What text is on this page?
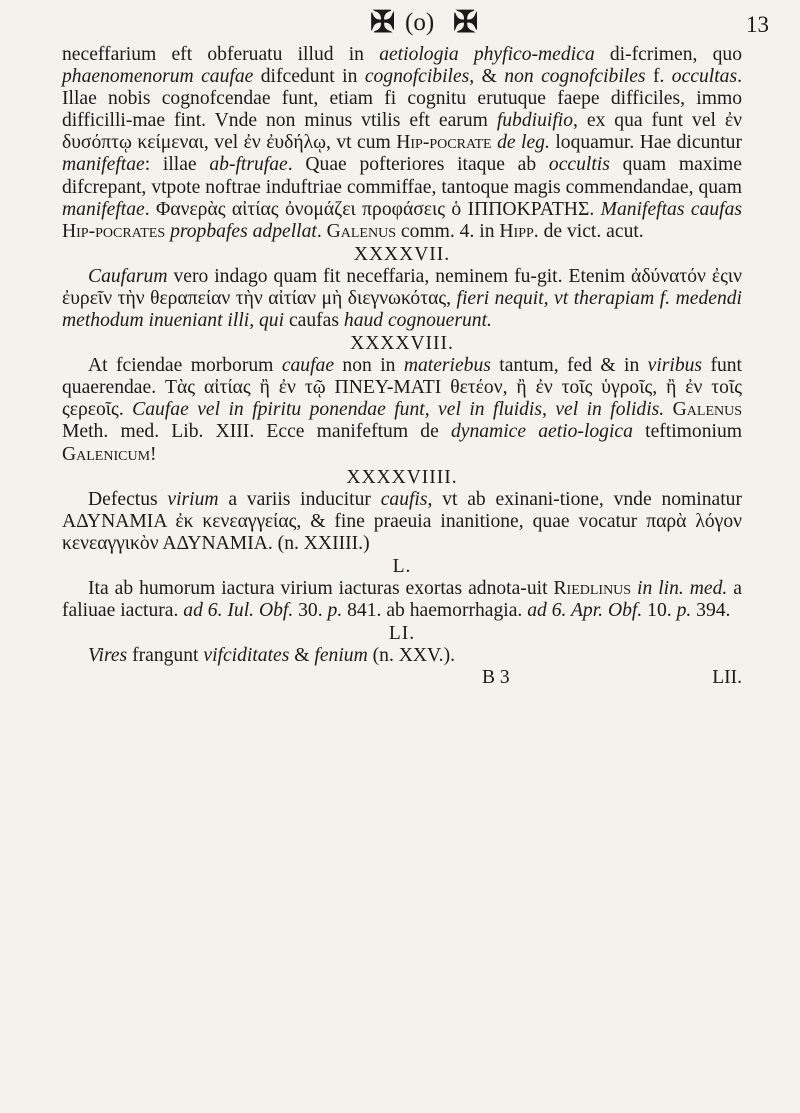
✠ (o) ✠	13

neceffarium eft obferuatu illud in aetiologia phyfico-medica di-fcrimen, quo phaenomenorum caufae difcedunt in cognofcibiles, & non cognofcibiles f. occultas. Illae nobis cognofcendae funt, etiam fi cognitu erutuque faepe difficiles, immo difficilli-mae fint. Vnde non minus vtilis eft earum fubdiuifio, ex qua funt vel ἐν δυσόπτῳ κείμεναι, vel ἐν ἐυδήλῳ, vt cum Hip-pocrate de leg. loquamur. Hae dicuntur manifeftae: illae ab-ftrufae. Quae pofteriores itaque ab occultis quam maxime difcrepant, vtpote noftrae induftriae commiffae, tantoque magis commendandae, quam manifeftae. Φανερὰς αἰτίας ὀνομάζει προφάσεις ὁ ΙΠΠΟΚΡΑΤΗΣ. Manifeftas caufas Hip-pocrates propbafes adpellat. Galenus comm. 4. in Hipp. de vict. acut.

XXXXVII.

Caufarum vero indago quam fit neceffaria, neminem fu-git. Etenim ἀδύνατόν ἐςιν ἐυρεῖν τὴν θεραπείαν τὴν αἰτίαν μὴ διεγνωκότας, fieri nequit, vt therapiam f. medendi methodum inueniant illi, qui caufas haud cognouerunt.

XXXXVIII.

At fciendae morborum caufae non in materiebus tantum, fed & in viribus funt quaerendae. Τὰς αἰτίας ἢ ἐν τῷ ΠΝΕΥ-ΜΑΤΙ θετέον, ἢ ἐν τοῖς ὑγροῖς, ἢ ἐν τοῖς ςερεοῖς. Caufae vel in fpiritu ponendae funt, vel in fluidis, vel in folidis. Galenus Meth. med. Lib. XIII. Ecce manifeftum de dynamice aetio-logica teftimonium Galenicum!

XXXXVIIII.

Defectus virium a variis inducitur caufis, vt ab exinani-tione, vnde nominatur ΑΔΥΝΑΜΙΑ ἐκ κενεαγγείας, & fine praeuia inanitione, quae vocatur παρὰ λόγον κενεαγγικὸν ΑΔΥΝΑΜΙΑ. (n. XXIIII.)

L.

Ita ab humorum iactura virium iacturas exortas adnota-uit Riedlinus in lin. med. a faliuae iactura. ad 6. Iul. Obf. 30. p. 841. ab haemorrhagia. ad 6. Apr. Obf. 10. p. 394.

LI.

Vires frangunt vifciditates & fenium (n. XXV.).

B 3	LII.
